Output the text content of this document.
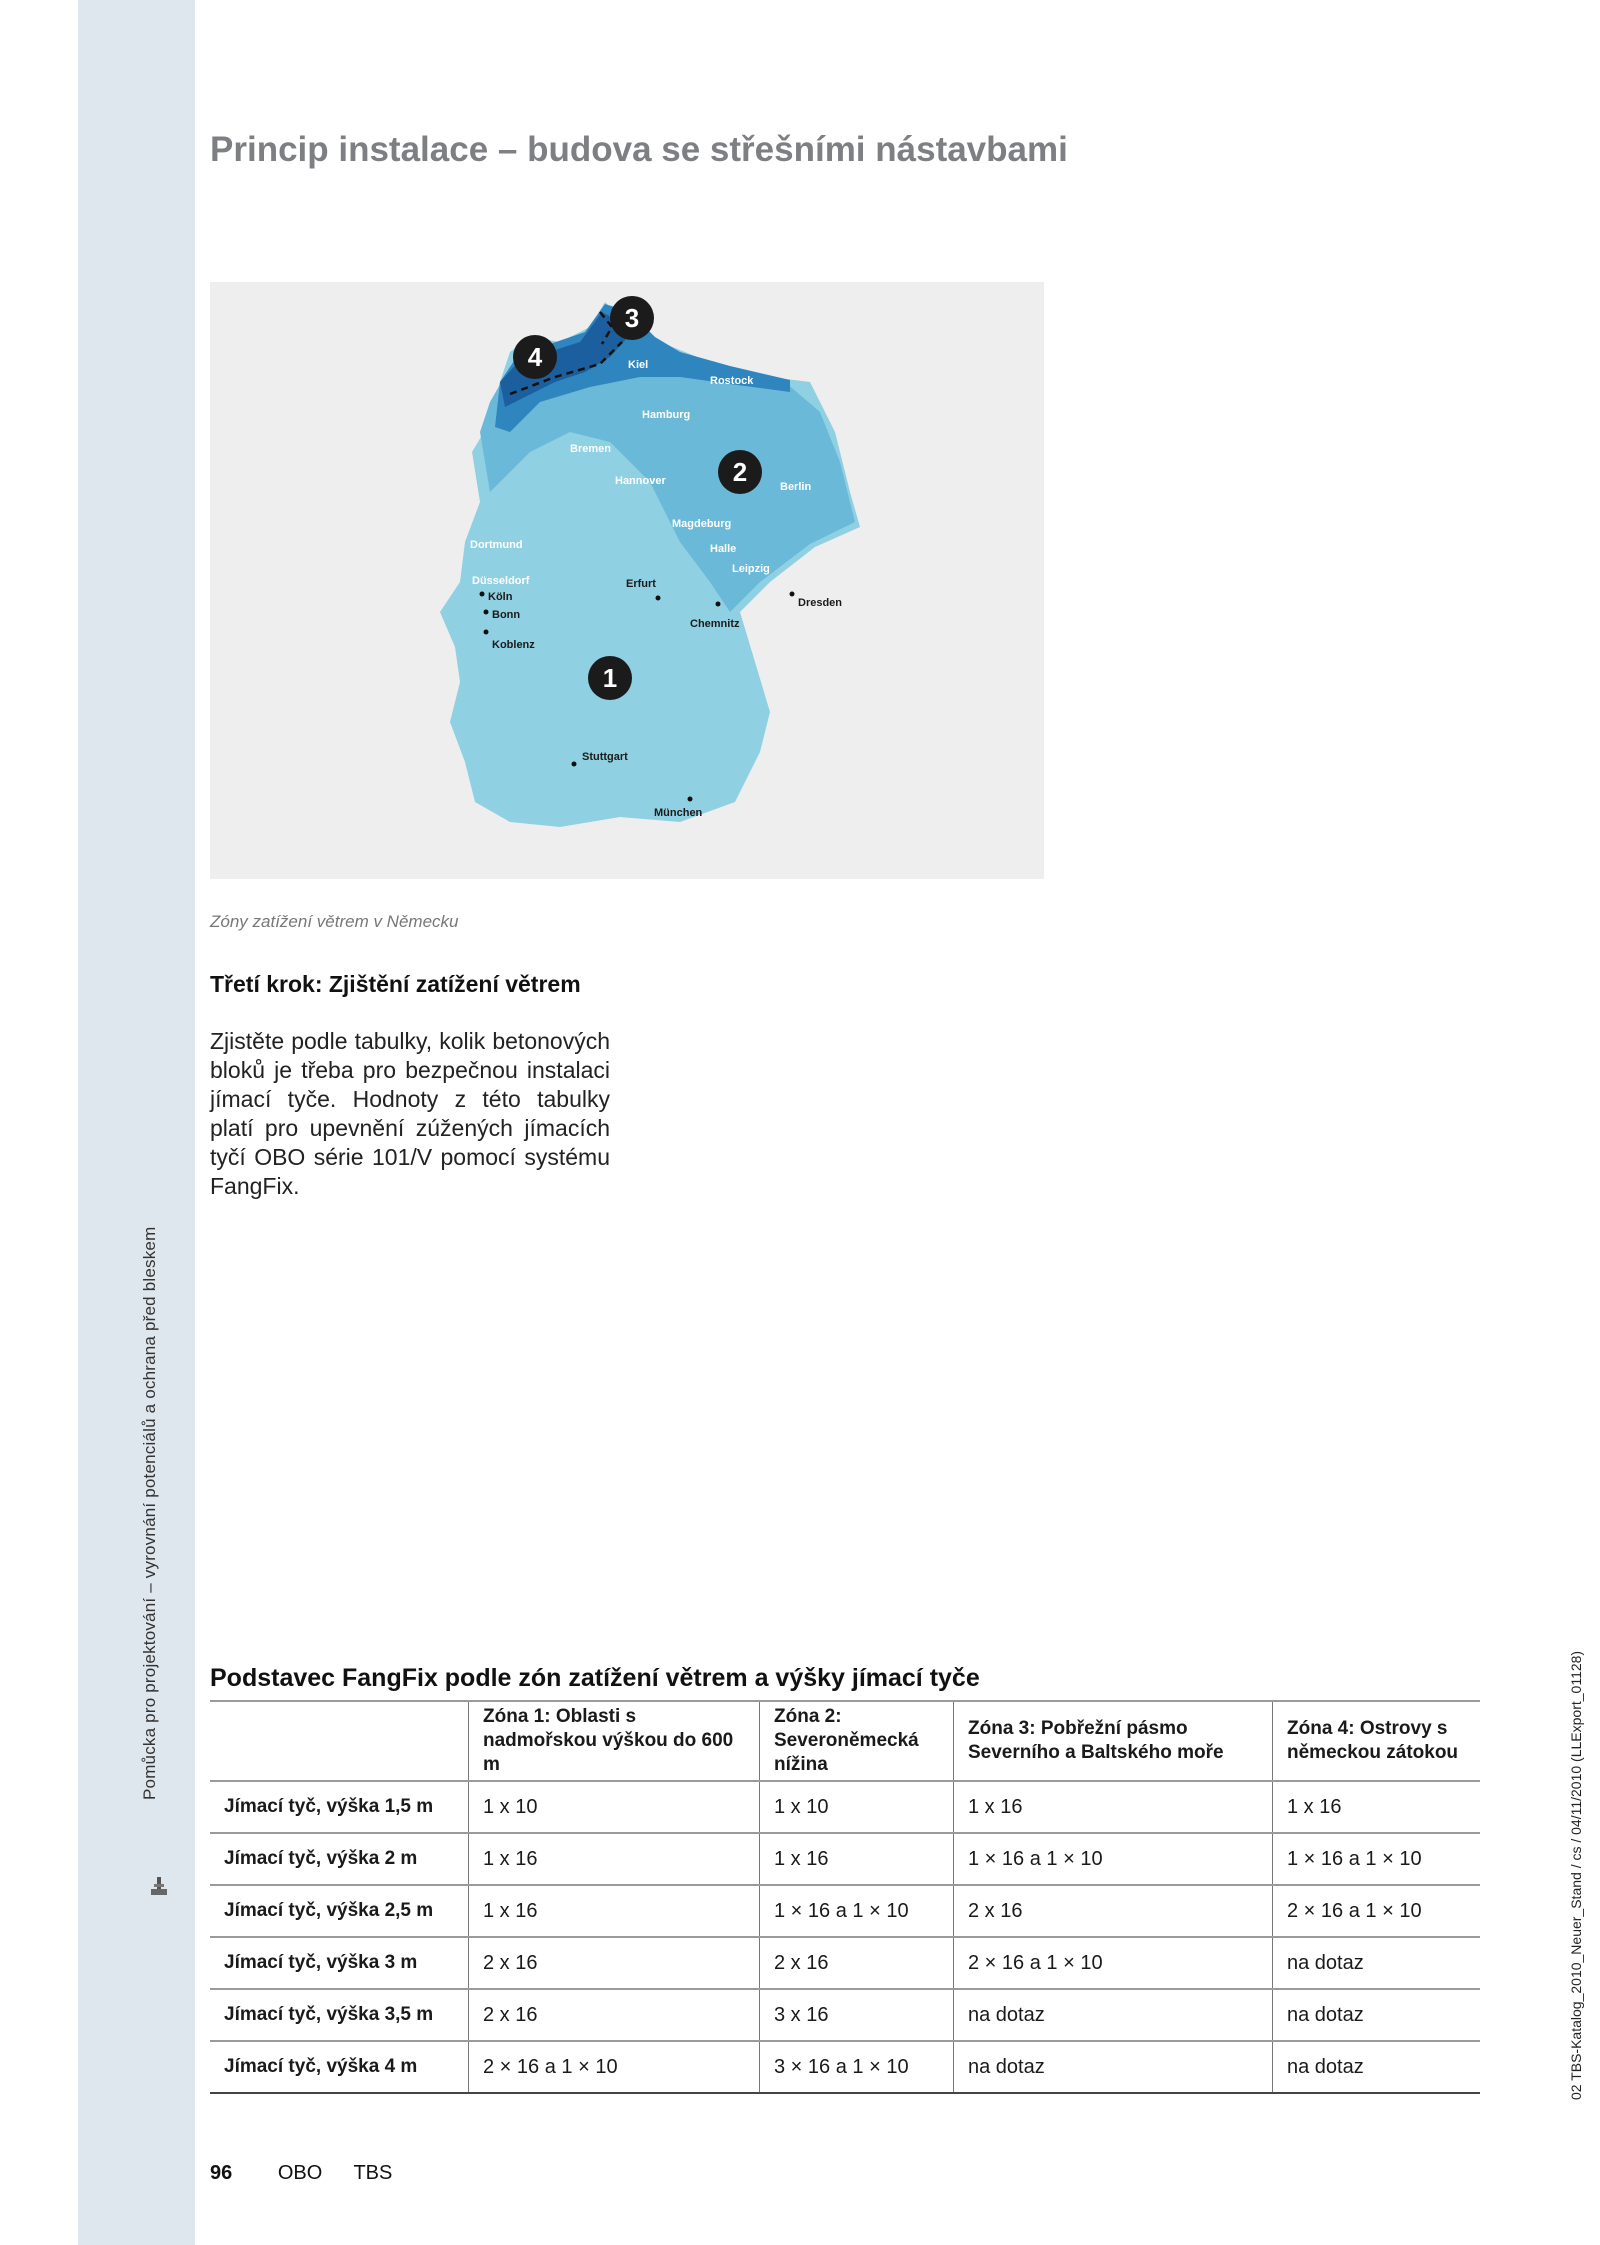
Pomůcka pro projektování – vyrovnání potenciálů a ochrana před bleskem
02 TBS-Katalog_2010_Neuer_Stand / cs / 04/11/2010 (LLExport_01128)
Princip instalace – budova se střešními nástavbami
1
2
3
4	Kiel
Rostock
Hamburg
Bremen
Hannover	Berlin
Magdeburg
Halle
Leipzig
Dortmund
Düsseldorf
Köln
Bonn
Koblenz
Erfurt
Chemnitz
Dresden
Stuttgart
München
Zóny zatížení větrem v Německu
Třetí krok: Zjištění zatížení větrem

Zjistěte podle tabulky, kolik betonových bloků je třeba pro bezpečnou instalaci jímací tyče. Hodnoty z této tabulky platí pro upevnění zúžených jímacích tyčí OBO série 101/V pomocí systému FangFix.

Podstavec FangFix podle zón zatížení větrem a výšky jímací tyče
	Zóna 1: Oblasti s nadmořskou výškou do 600 m	Zóna 2: Severoněmecká nížina	Zóna 3: Pobřežní pásmo Severního a Baltského moře	Zóna 4: Ostrovy s německou zátokou
Jímací tyč, výška 1,5 m	1 x 10	1 x 10	1 x 16	1 x 16
Jímací tyč, výška 2 m	1 x 16	1 x 16	1 × 16 a 1 × 10	1 × 16 a 1 × 10
Jímací tyč, výška 2,5 m	1 x 16	1 × 16 a 1 × 10	2 x 16	2 × 16 a 1 × 10
Jímací tyč, výška 3 m	2 x 16	2 x 16	2 × 16 a 1 × 10	na dotaz
Jímací tyč, výška 3,5 m	2 x 16	3 x 16	na dotaz	na dotaz
Jímací tyč, výška 4 m	2 × 16 a 1 × 10	3 × 16 a 1 × 10	na dotaz	na dotaz
96 OBO TBS
